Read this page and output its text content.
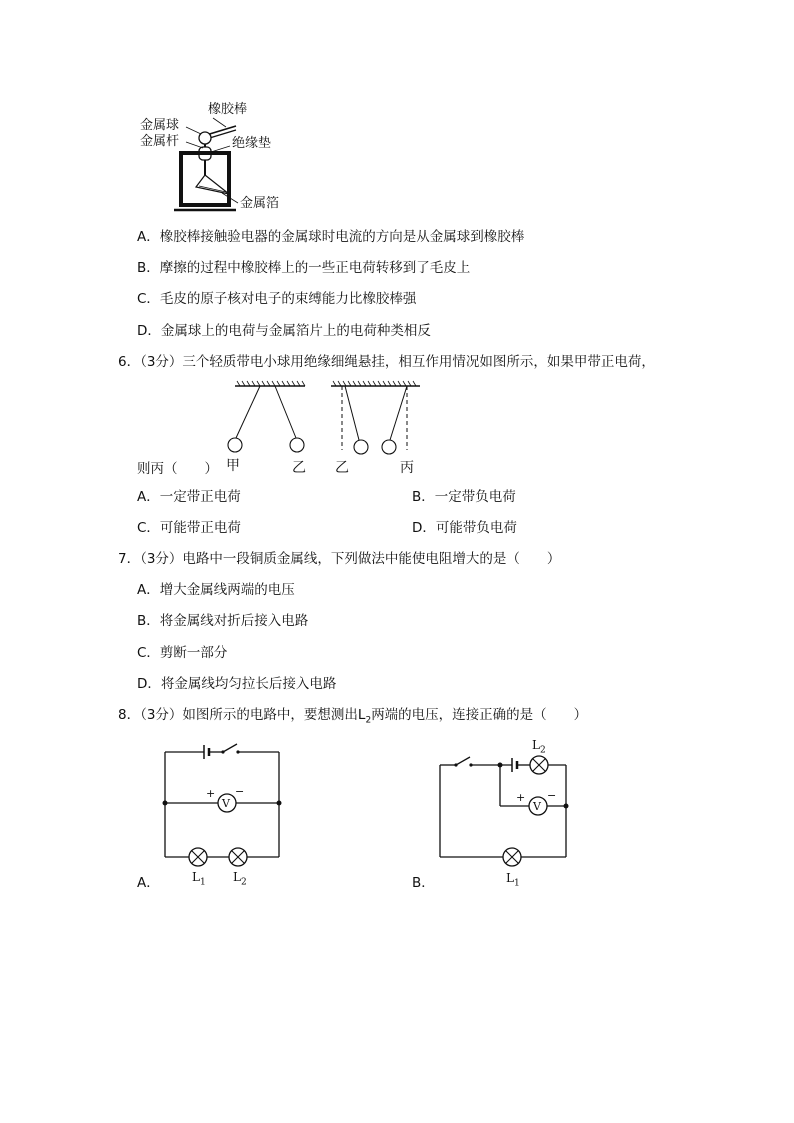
橡胶棒
金属球
金属杆	绝缘垫
金属箔
A．橡胶棒接触验电器的金属球时电流的方向是从金属球到橡胶棒
B．摩擦的过程中橡胶棒上的一些正电荷转移到了毛皮上
C．毛皮的原子核对电子的束缚能力比橡胶棒强
D．金属球上的电荷与金属箔片上的电荷种类相反
6．（3分）三个轻质带电小球用绝缘细绳悬挂，相互作用情况如图所示，如果甲带正电荷，
甲	乙 乙	丙
则丙（　　）
A．一定带正电荷	B．一定带负电荷
C．可能带正电荷	D．可能带负电荷
7．（3分）电路中一段铜质金属线，下列做法中能使电阻增大的是（　　）
A．增大金属线两端的电压
B．将金属线对折后接入电路
C．剪断一部分
D．将金属线均匀拉长后接入电路
8．（3分）如图所示的电路中，要想测出$L_2$两端的电压，连接正确的是（　　）
V
+ −
$L_1$ $L_2$
A．
V
+ −
$L_2$
$L_1$
B．
